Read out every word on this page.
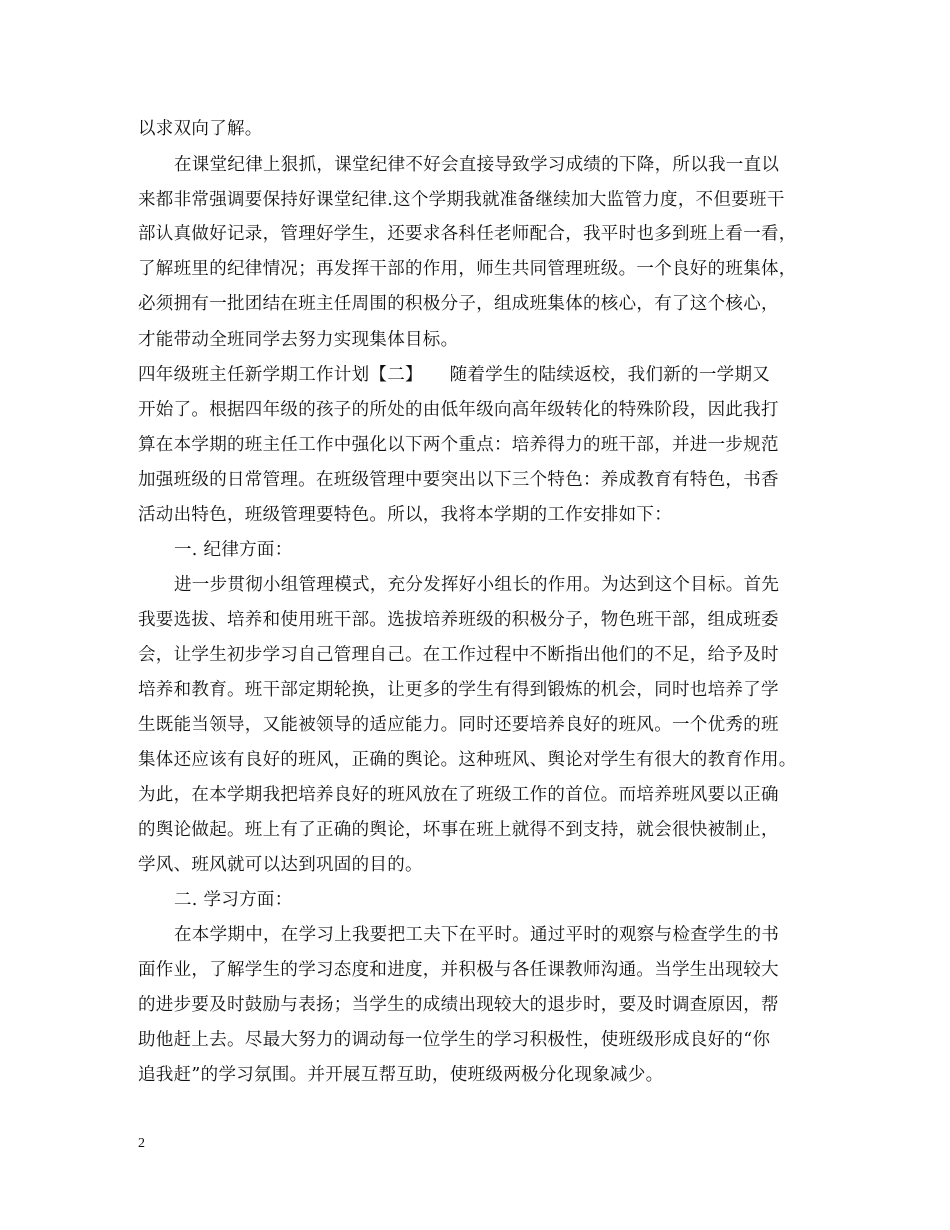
以求双向了解。
在课堂纪律上狠抓，课堂纪律不好会直接导致学习成绩的下降，所以我一直以
来都非常强调要保持好课堂纪律.这个学期我就准备继续加大监管力度，不但要班干
部认真做好记录，管理好学生，还要求各科任老师配合，我平时也多到班上看一看，
了解班里的纪律情况；再发挥干部的作用，师生共同管理班级。一个良好的班集体，
必须拥有一批团结在班主任周围的积极分子，组成班集体的核心，有了这个核心，
才能带动全班同学去努力实现集体目标。
四年级班主任新学期工作计划【二】　　随着学生的陆续返校，我们新的一学期又
开始了。根据四年级的孩子的所处的由低年级向高年级转化的特殊阶段，因此我打
算在本学期的班主任工作中强化以下两个重点：培养得力的班干部，并进一步规范
加强班级的日常管理。在班级管理中要突出以下三个特色：养成教育有特色，书香
活动出特色，班级管理要特色。所以，我将本学期的工作安排如下：
一. 纪律方面：
进一步贯彻小组管理模式，充分发挥好小组长的作用。为达到这个目标。首先
我要选拔、培养和使用班干部。选拔培养班级的积极分子，物色班干部，组成班委
会，让学生初步学习自己管理自己。在工作过程中不断指出他们的不足，给予及时
培养和教育。班干部定期轮换，让更多的学生有得到锻炼的机会，同时也培养了学
生既能当领导，又能被领导的适应能力。同时还要培养良好的班风。一个优秀的班
集体还应该有良好的班风，正确的舆论。这种班风、舆论对学生有很大的教育作用。
为此，在本学期我把培养良好的班风放在了班级工作的首位。而培养班风要以正确
的舆论做起。班上有了正确的舆论，坏事在班上就得不到支持，就会很快被制止，
学风、班风就可以达到巩固的目的。
二. 学习方面：
在本学期中，在学习上我要把工夫下在平时。通过平时的观察与检查学生的书
面作业，了解学生的学习态度和进度，并积极与各任课教师沟通。当学生出现较大
的进步要及时鼓励与表扬；当学生的成绩出现较大的退步时，要及时调查原因，帮
助他赶上去。尽最大努力的调动每一位学生的学习积极性，使班级形成良好的“你
追我赶”的学习氛围。并开展互帮互助，使班级两极分化现象减少。
2
